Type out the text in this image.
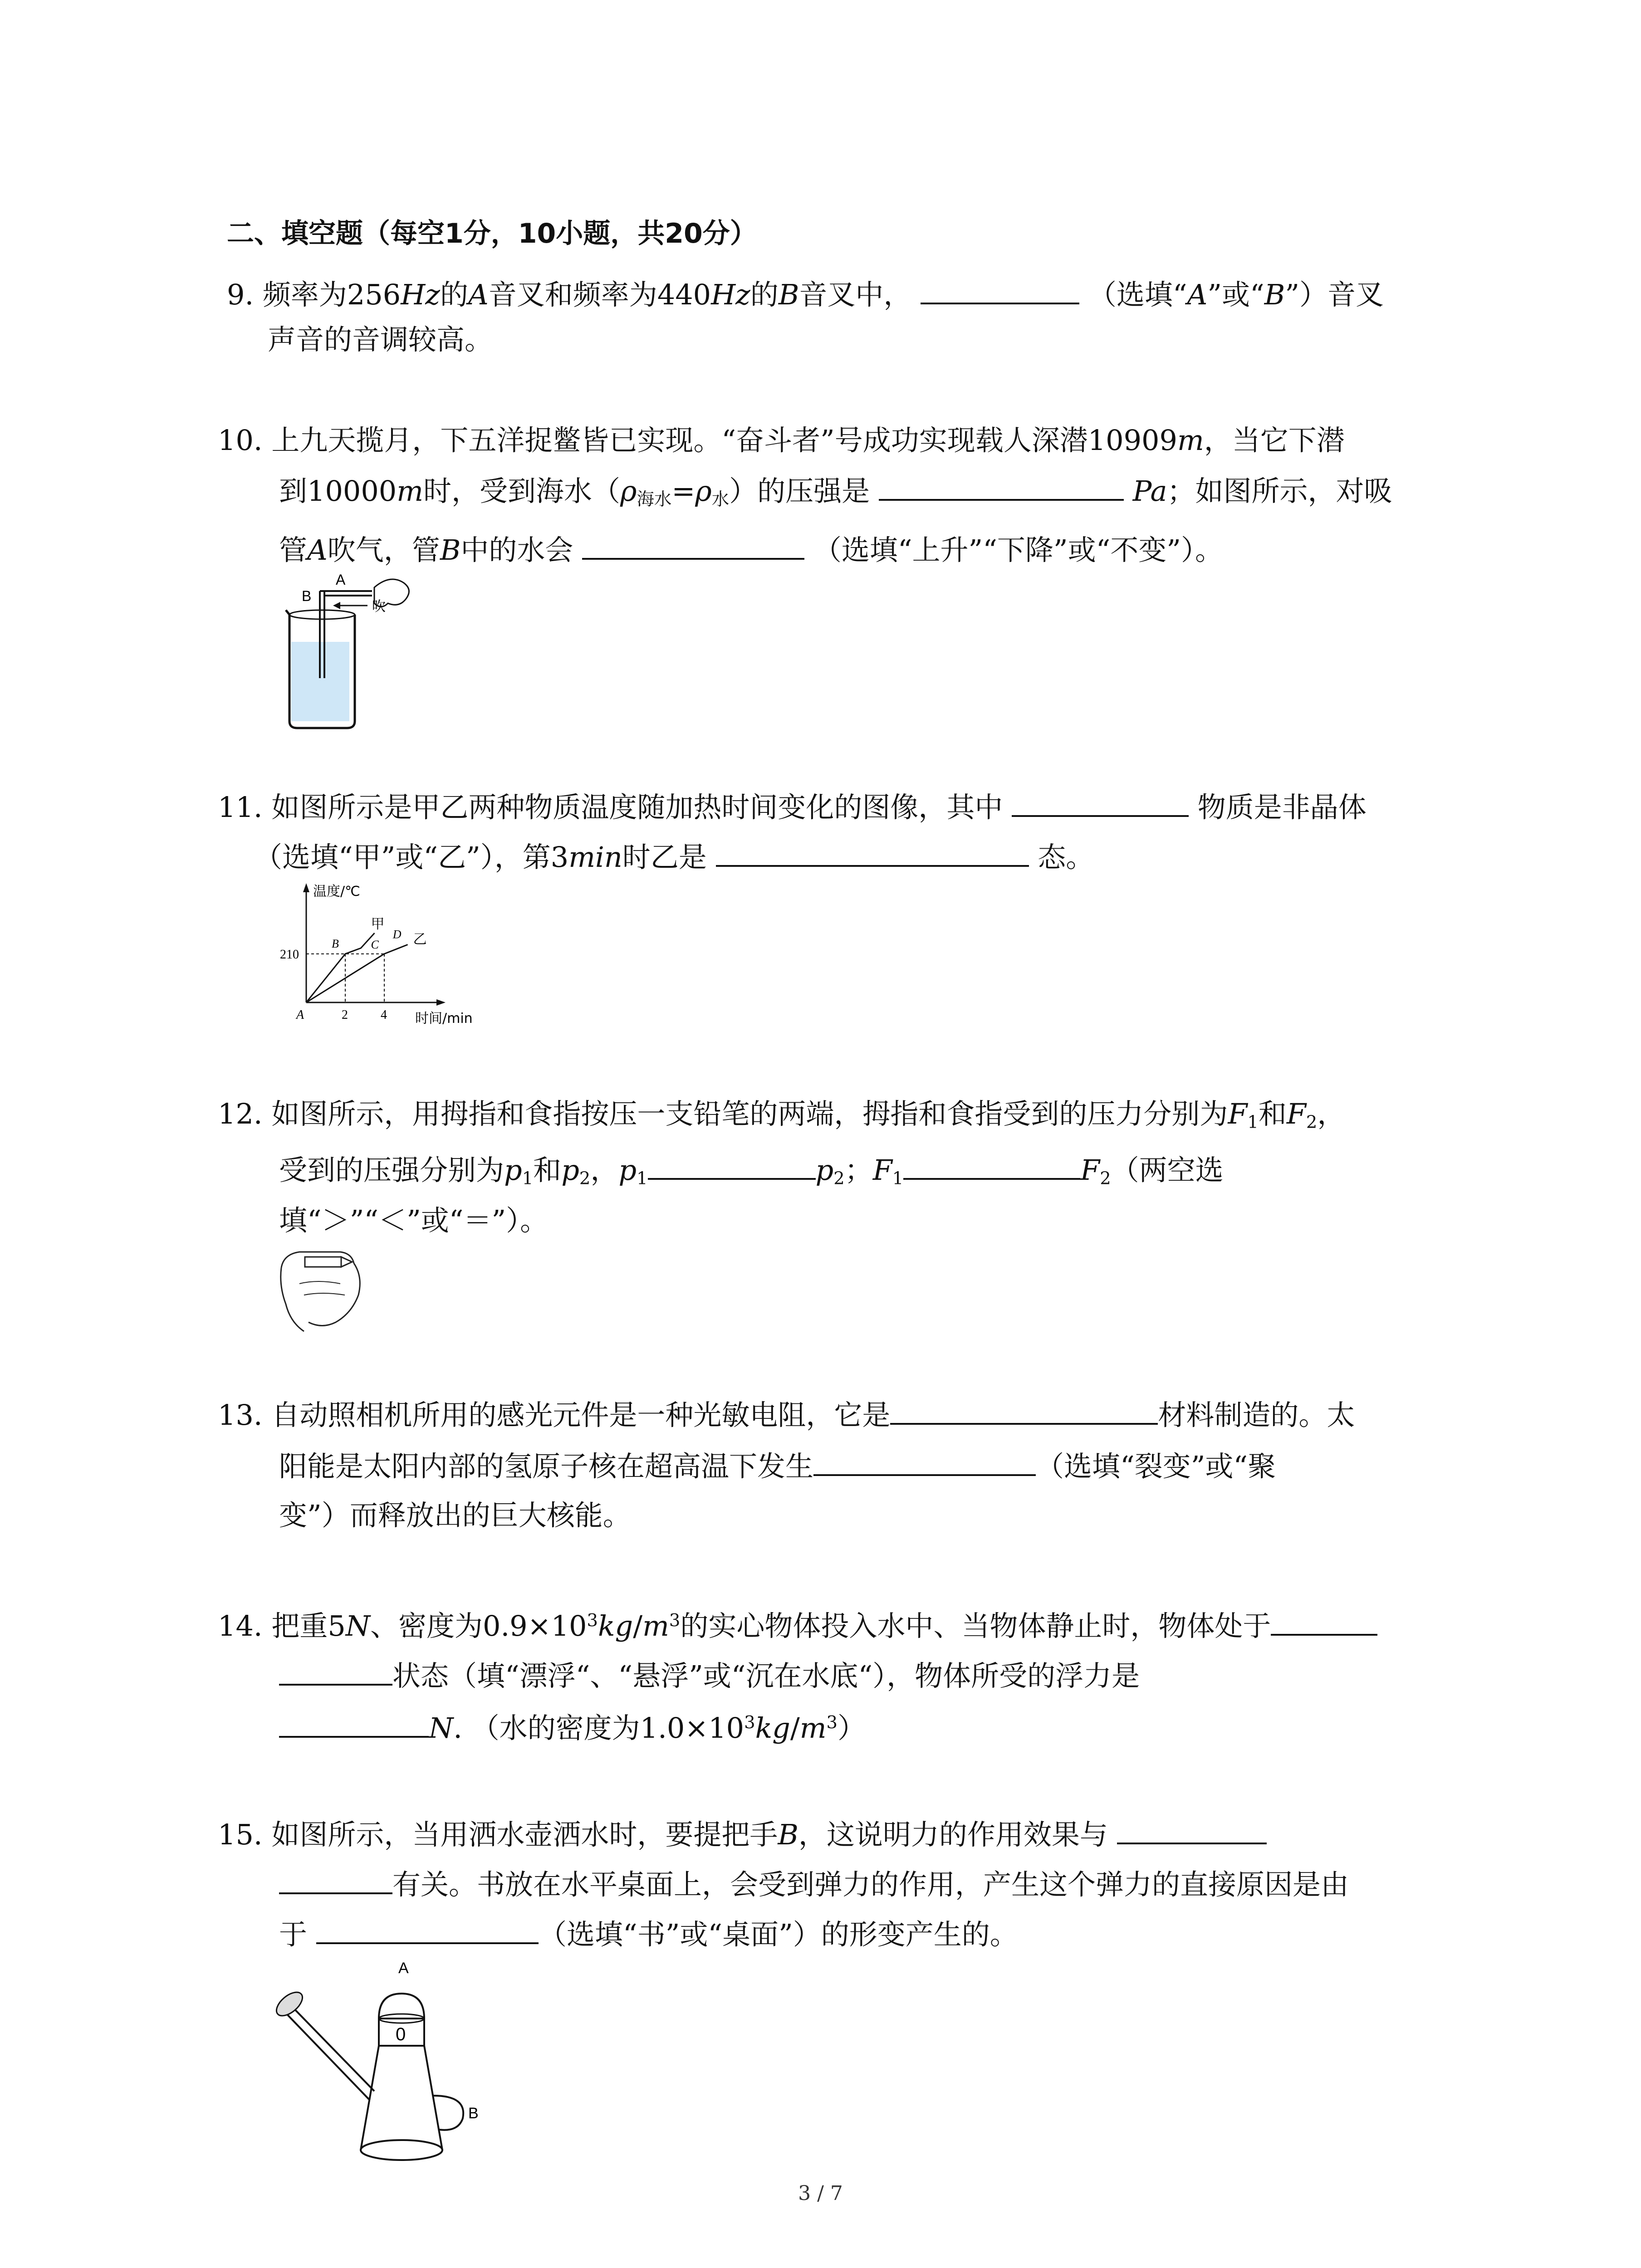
二、填空题（每空1分，10小题，共20分）
9. 频率为256Hz的A音叉和频率为440Hz的B音叉中，	（选填“A”或“B”）音叉
声音的音调较高。
10. 上九天揽月，下五洋捉鳖皆已实现。“奋斗者”号成功实现载人深潜10909m，当它下潜
到10000m时，受到海水$(\rho_{海水}=\rho_水)$的压强是	Pa；如图所示，对吸
管A吹气，管B中的水会	（选填“上升”“下降”或“不变”）。
A
B
吹
11. 如图所示是甲乙两种物质温度随加热时间变化的图像，其中	物质是非晶体
（选填“甲”或“乙”），第3min时乙是	态。
温度/℃
时间/min
210
2	4
A
甲
乙
B	C
D
12. 如图所示，用拇指和食指按压一支铅笔的两端，拇指和食指受到的压力分别为$F_1$和$F_2$，
受到的压强分别为$p_1$和$p_2$，$p_1$	$p_2$；$F_1$	$F_2$（两空选
填“＞”“＜”或“＝”）。
13. 自动照相机所用的感光元件是一种光敏电阻，它是	材料制造的。太
阳能是太阳内部的氢原子核在超高温下发生	（选填“裂变”或“聚
变”）而释放出的巨大核能。
14. 把重5N、密度为$0.9\times 10^3kg/m^3$的实心物体投入水中、当物体静止时，物体处于
状态（填“漂浮“、“悬浮”或“沉在水底“），物体所受的浮力是
N. （水的密度为$1.0\times 10^3kg/m^3$）
15. 如图所示，当用洒水壶洒水时，要提把手B，这说明力的作用效果与
有关。书放在水平桌面上，会受到弹力的作用，产生这个弹力的直接原因是由
于	（选填“书”或“桌面”）的形变产生的。
A
0
B
3 / 7
